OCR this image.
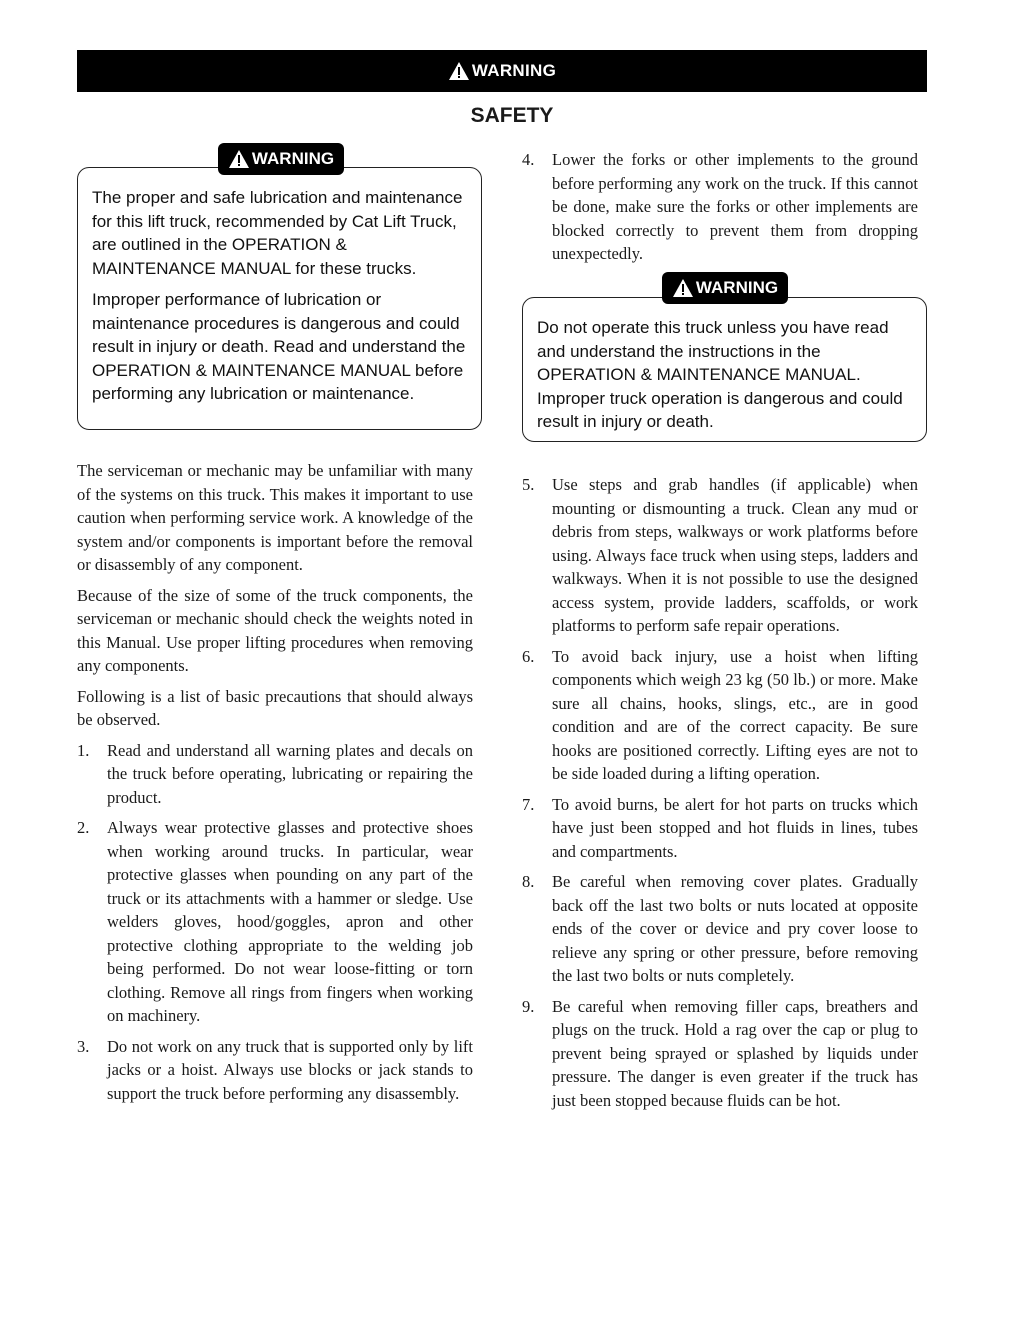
WARNING
SAFETY

The proper and safe lubrication and maintenance for this lift truck, recommended by Cat Lift Truck, are outlined in the OPERATION & MAINTENANCE MANUAL for these trucks.

Improper performance of lubrication or maintenance procedures is dangerous and could result in injury or death. Read and understand the OPERATION & MAINTENANCE MANUAL before performing any lubrication or maintenance.

WARNING

The serviceman or mechanic may be unfamiliar with many of the systems on this truck. This makes it important to use caution when performing service work. A knowledge of the system and/or components is important before the removal or disassembly of any component.

Because of the size of some of the truck components, the serviceman or mechanic should check the weights noted in this Manual. Use proper lifting procedures when removing any components.

Following is a list of basic precautions that should always be observed.

1.	Read and understand all warning plates and decals on the truck before operating, lubricating or repairing the product.
2.	Always wear protective glasses and protective shoes when working around trucks. In particular, wear protective glasses when pounding on any part of the truck or its attachments with a hammer or sledge. Use welders gloves, hood/goggles, apron and other protective clothing appropriate to the welding job being performed. Do not wear loose-fitting or torn clothing. Remove all rings from fingers when working on machinery.
3.	Do not work on any truck that is supported only by lift jacks or a hoist. Always use blocks or jack stands to support the truck before performing any disassembly.
4.	Lower the forks or other implements to the ground before performing any work on the truck. If this cannot be done, make sure the forks or other implements are blocked correctly to prevent them from dropping unexpectedly.

Do not operate this truck unless you have read and understand the instructions in the OPERATION & MAINTENANCE MANUAL. Improper truck operation is dangerous and could result in injury or death.

WARNING
5.	Use steps and grab handles (if applicable) when mounting or dismounting a truck. Clean any mud or debris from steps, walkways or work platforms before using. Always face truck when using steps, ladders and walkways. When it is not possible to use the designed access system, provide ladders, scaffolds, or work platforms to perform safe repair operations.
6.	To avoid back injury, use a hoist when lifting components which weigh 23 kg (50 lb.) or more. Make sure all chains, hooks, slings, etc., are in good condition and are of the correct capacity. Be sure hooks are positioned correctly. Lifting eyes are not to be side loaded during a lifting operation.
7.	To avoid burns, be alert for hot parts on trucks which have just been stopped and hot fluids in lines, tubes and compartments.
8.	Be careful when removing cover plates. Gradually back off the last two bolts or nuts located at opposite ends of the cover or device and pry cover loose to relieve any spring or other pressure, before removing the last two bolts or nuts completely.
9.	Be careful when removing filler caps, breathers and plugs on the truck. Hold a rag over the cap or plug to prevent being sprayed or splashed by liquids under pressure. The danger is even greater if the truck has just been stopped because fluids can be hot.
